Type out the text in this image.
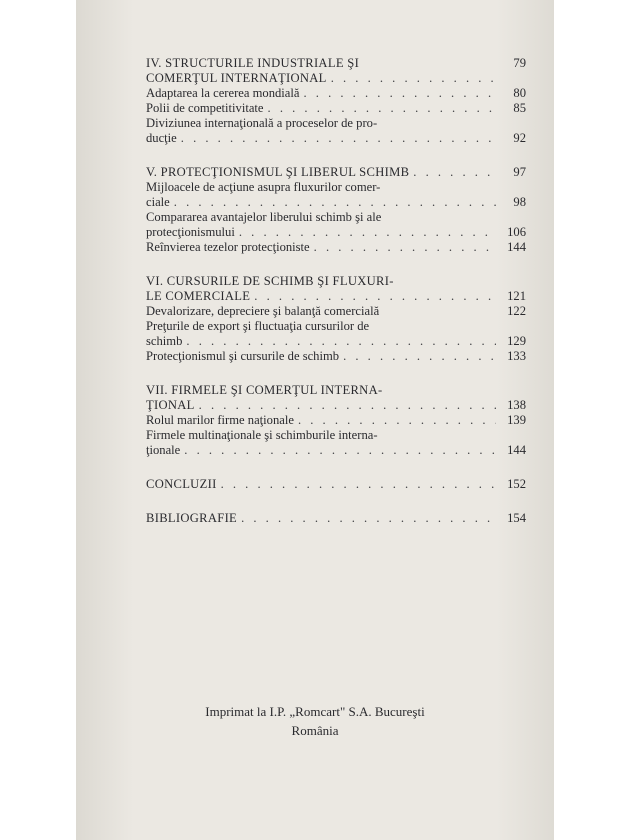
IV. STRUCTURILE INDUSTRIALE ŞI	79
COMERŢUL INTERNAŢIONAL
. . .
Adaptarea la cererea mondială . . .	80
Polii de competitivitate . . .	85
Diviziunea internaţională a proceselor de pro-
ducţie . . .	92
V. PROTECŢIONISMUL ŞI LIBERUL SCHIMB . . .	97
Mijloacele de acţiune asupra fluxurilor comer-
ciale . . .	98
Compararea avantajelor liberului schimb şi ale
protecţionismului . . .	106
Reînvierea tezelor protecţioniste . . .	144
VI. CURSURILE DE SCHIMB ŞI FLUXURI-
LE COMERCIALE . . .	121
Devalorizare, depreciere şi balanţă comercială	122
Preţurile de export şi fluctuaţia cursurilor de
schimb . . .	129
Protecţionismul şi cursurile de schimb . . .	133
VII. FIRMELE ŞI COMERŢUL INTERNA-
ŢIONAL . . .	138
Rolul marilor firme naţionale . . .	139
Firmele multinaţionale şi schimburile interna-
ţionale . . .	144
CONCLUZII . . .	152
BIBLIOGRAFIE . . .	154
Imprimat la I.P. „Romcart" S.A. Bucureşti
România
